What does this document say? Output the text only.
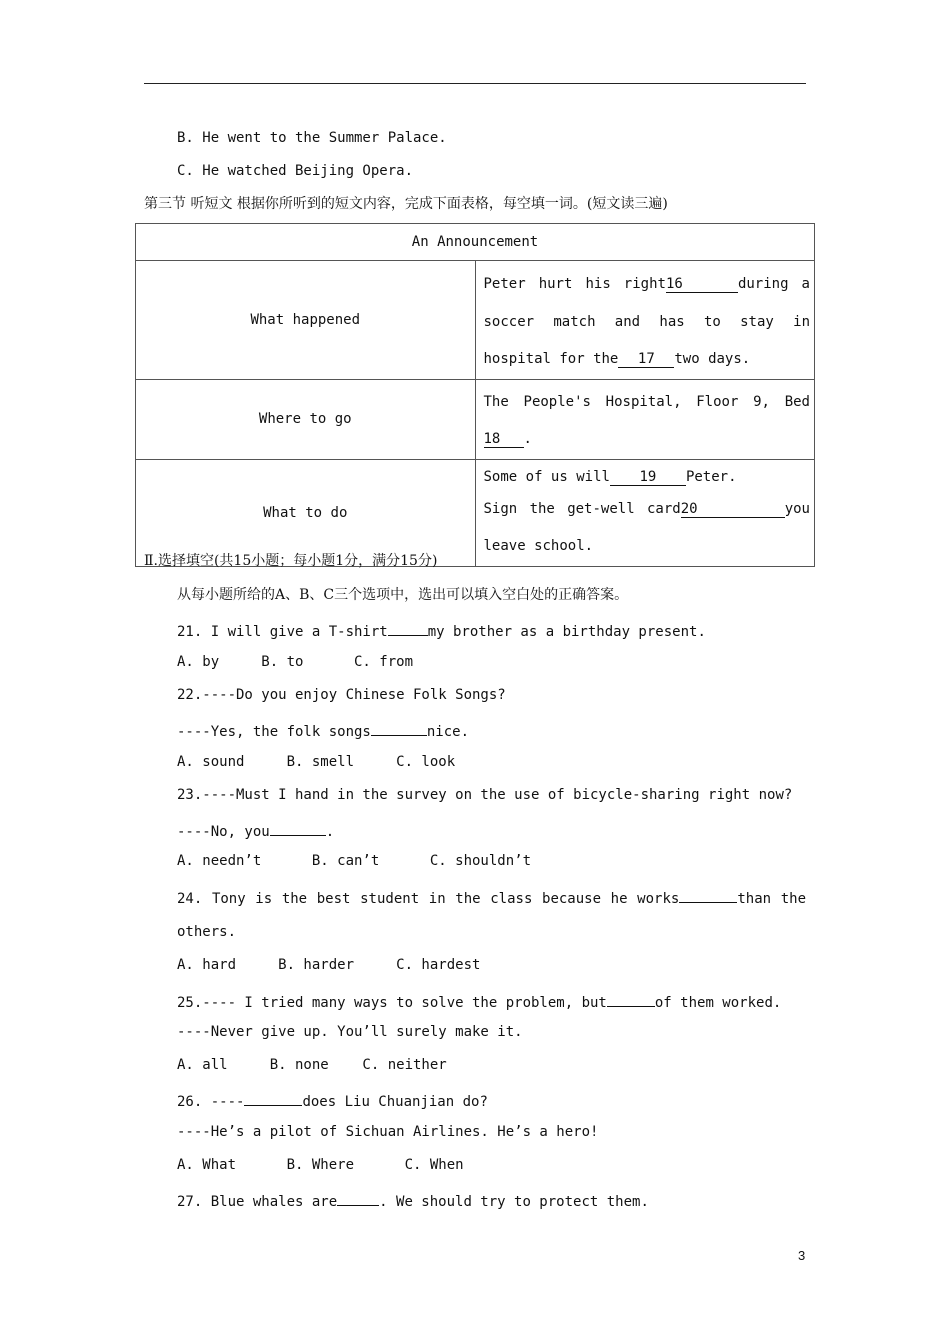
B. He went to the Summer Palace.
C. He watched Beijing Opera.
第三节 听短文 根据你所听到的短文内容，完成下面表格，每空填一词。(短文读三遍)
An Announcement	
What happened	Peter hurt his right16 during a
soccer match and has to stay in
hospital for the 17 two days.

Where to go	The People's Hospital, Floor 9, Bed
18 .

What to do	Some of us will 19 Peter.
Sign the get-well card20 you
leave school.
Ⅱ.选择填空(共15小题；每小题1分，满分15分)
从每小题所给的A、B、C三个选项中，选出可以填入空白处的正确答案。
21. I will give a T-shirt	my brother as a birthday present.
A. by     B. to      C. from
22.----Do you enjoy Chinese Folk Songs?
----Yes, the folk songs	nice.
A. sound     B. smell     C. look
23.----Must I hand in the survey on the use of bicycle-sharing right now?
----No, you	.
A. needn’t      B. can’t      C. shouldn’t
24. Tony is the best student in the class because he works	than the
others.
A. hard     B. harder     C. hardest
25.---- I tried many ways to solve the problem, but	of them worked.
----Never give up. You’ll surely make it.
A. all     B. none    C. neither
26. ----	does Liu Chuanjian do?
----He’s a pilot of Sichuan Airlines. He’s a hero!
A. What      B. Where      C. When
27. Blue whales are	. We should try to protect them.
3
